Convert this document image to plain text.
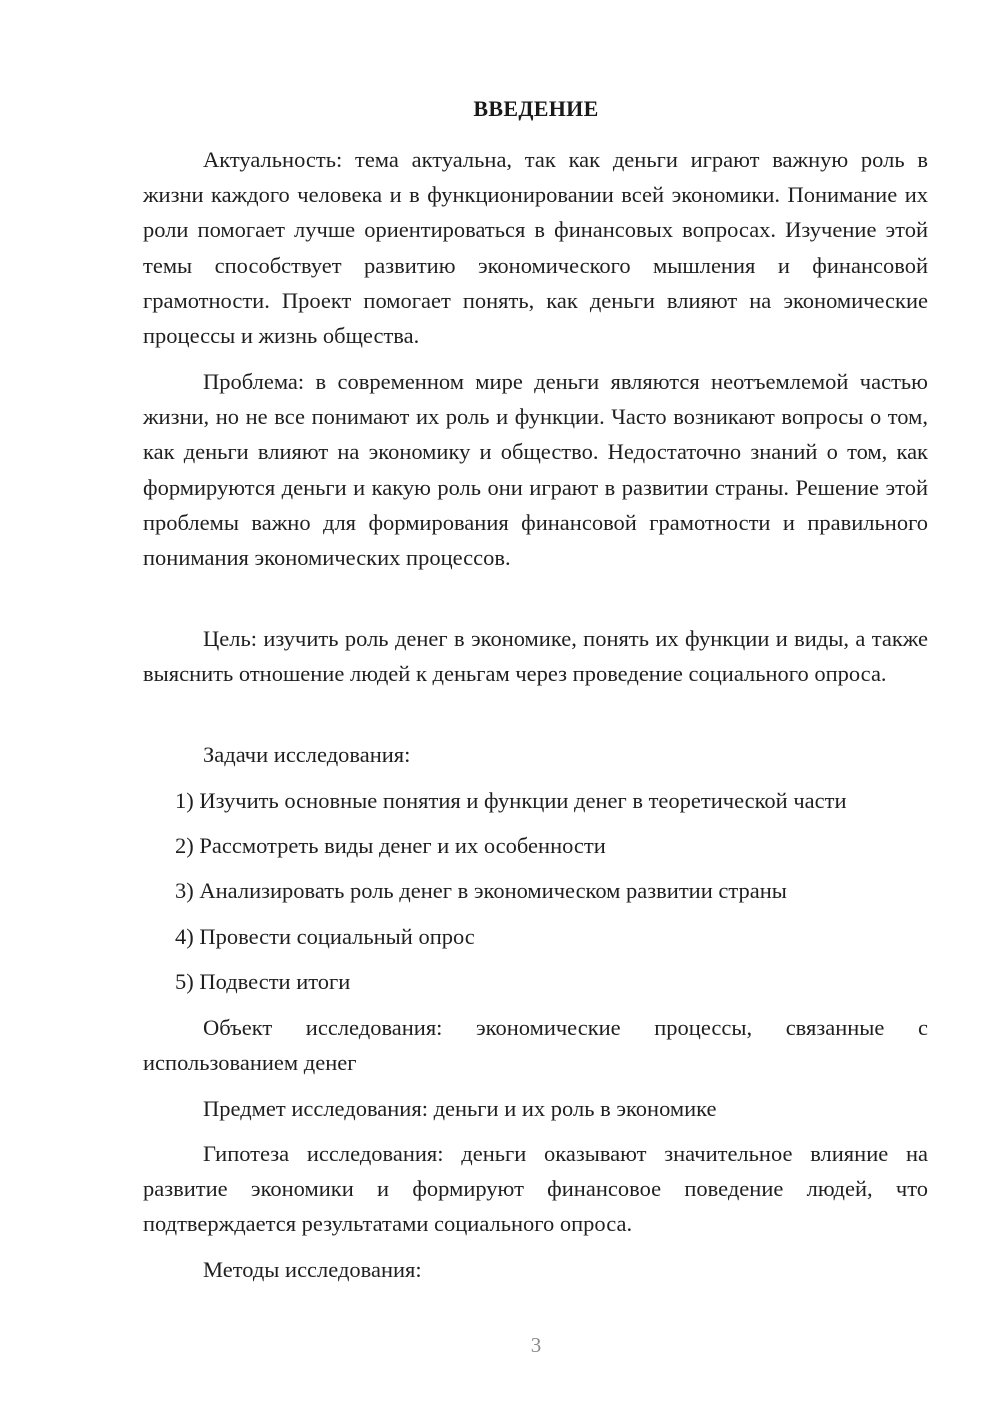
ВВЕДЕНИЕ

Актуальность: тема актуальна, так как деньги играют важную роль в жизни каждого человека и в функционировании всей экономики. Понимание их роли помогает лучше ориентироваться в финансовых вопросах. Изучение этой темы способствует развитию экономического мышления и финансовой грамотности. Проект помогает понять, как деньги влияют на экономические процессы и жизнь общества.

Проблема: в современном мире деньги являются неотъемлемой частью жизни, но не все понимают их роль и функции. Часто возникают вопросы о том, как деньги влияют на экономику и общество. Недостаточно знаний о том, как формируются деньги и какую роль они играют в развитии страны. Решение этой проблемы важно для формирования финансовой грамотности и правильного понимания экономических процессов.

Цель: изучить роль денег в экономике, понять их функции и виды, а также выяснить отношение людей к деньгам через проведение социального опроса.

Задачи исследования:

1) Изучить основные понятия и функции денег в теоретической части

2) Рассмотреть виды денег и их особенности

3) Анализировать роль денег в экономическом развитии страны

4) Провести социальный опрос

5) Подвести итоги

Объект исследования: экономические процессы, связанные с использованием денег

Предмет исследования: деньги и их роль в экономике

Гипотеза исследования: деньги оказывают значительное влияние на развитие экономики и формируют финансовое поведение людей, что подтверждается результатами социального опроса.

Методы исследования:

3
